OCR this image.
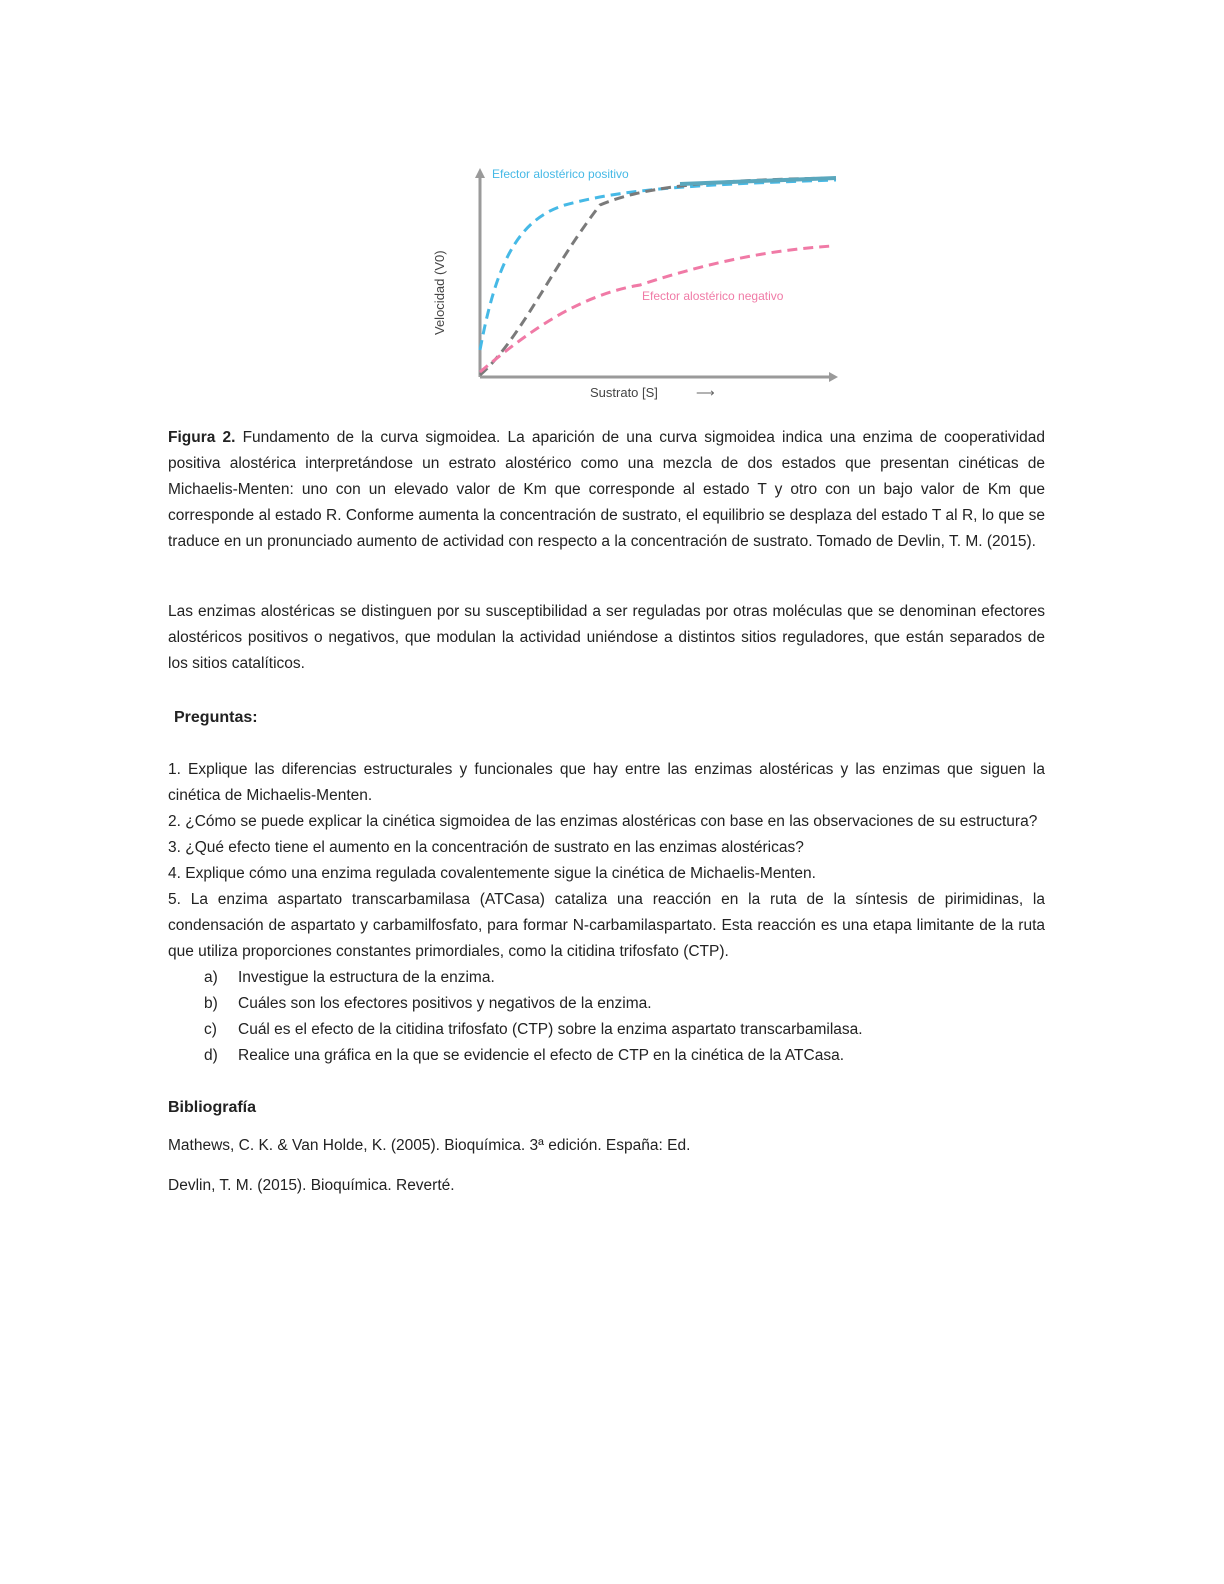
Efector alostérico positivo
Efector alostérico negativo
Sustrato [S]	⟶
Velocidad (V0)

Figura 2. Fundamento de la curva sigmoidea. La aparición de una curva sigmoidea indica una enzima de cooperatividad positiva alostérica interpretándose un estrato alostérico como una mezcla de dos estados que presentan cinéticas de Michaelis-Menten: uno con un elevado valor de Km que corresponde al estado T y otro con un bajo valor de Km que corresponde al estado R. Conforme aumenta la concentración de sustrato, el equilibrio se desplaza del estado T al R, lo que se traduce en un pronunciado aumento de actividad con respecto a la concentración de sustrato. Tomado de Devlin, T. M. (2015).

Las enzimas alostéricas se distinguen por su susceptibilidad a ser reguladas por otras moléculas que se denominan efectores alostéricos positivos o negativos, que modulan la actividad uniéndose a distintos sitios reguladores, que están separados de los sitios catalíticos.

Preguntas:

1. Explique las diferencias estructurales y funcionales que hay entre las enzimas alostéricas y las enzimas que siguen la cinética de Michaelis-Menten.

2. ¿Cómo se puede explicar la cinética sigmoidea de las enzimas alostéricas con base en las observaciones de su estructura?

3. ¿Qué efecto tiene el aumento en la concentración de sustrato en las enzimas alostéricas?

4. Explique cómo una enzima regulada covalentemente sigue la cinética de Michaelis-Menten.

5. La enzima aspartato transcarbamilasa (ATCasa) cataliza una reacción en la ruta de la síntesis de pirimidinas, la condensación de aspartato y carbamilfosfato, para formar N-carbamilaspartato. Esta reacción es una etapa limitante de la ruta que utiliza proporciones constantes primordiales, como la citidina trifosfato (CTP).

a) Investigue la estructura de la enzima.
b) Cuáles son los efectores positivos y negativos de la enzima.
c) Cuál es el efecto de la citidina trifosfato (CTP) sobre la enzima aspartato transcarbamilasa.
d) Realice una gráfica en la que se evidencie el efecto de CTP en la cinética de la ATCasa.

Bibliografía

Mathews, C. K. & Van Holde, K. (2005). Bioquímica. 3ª edición. España: Ed.

Devlin, T. M. (2015). Bioquímica. Reverté.
